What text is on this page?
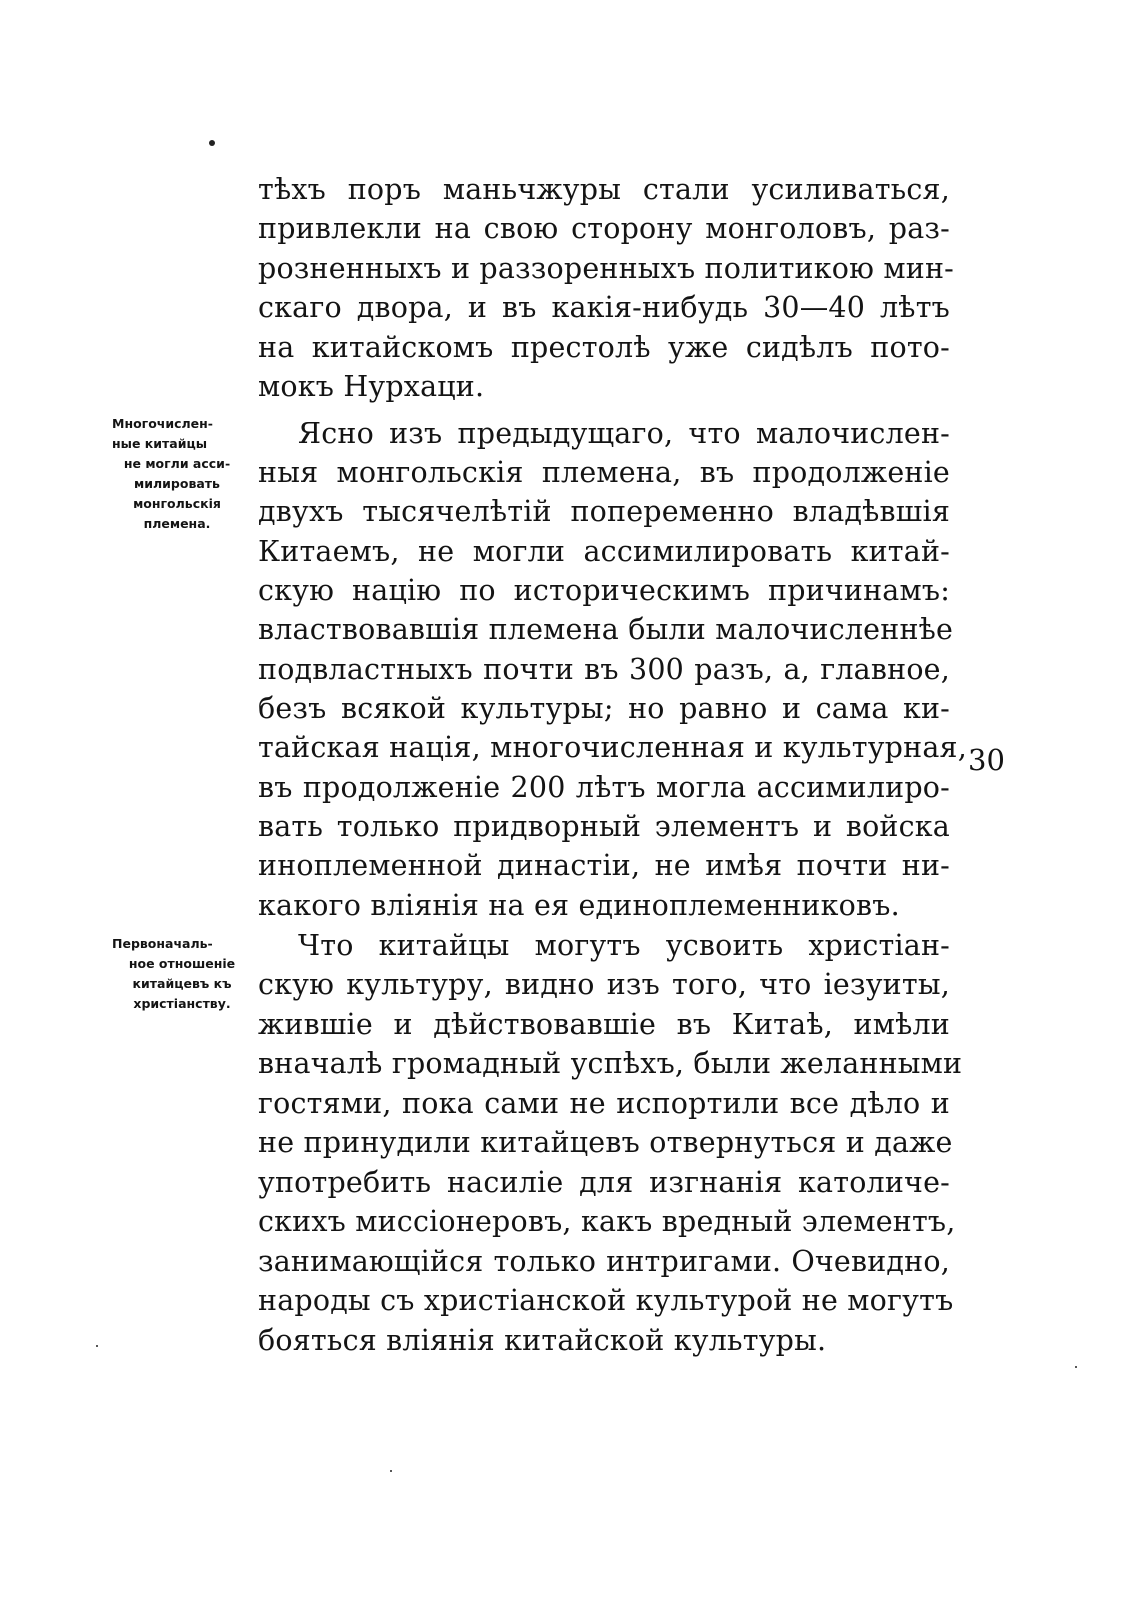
тѣхъ поръ маньчжуры стали усиливаться,
привлекли на свою сторону монголовъ, раз-
розненныхъ и раззоренныхъ политикою мин-
скаго двора, и въ какія-нибудь 30—40 лѣтъ
на китайскомъ престолѣ уже сидѣлъ пото-
мокъ Нурхаци.
Ясно изъ предыдущаго, что малочислен-
ныя монгольскія племена, въ продолженіе
двухъ тысячелѣтій попеременно владѣвшія
Китаемъ, не могли ассимилировать китай-
скую націю по историческимъ причинамъ:
властвовавшія племена были малочисленнѣе
подвластныхъ почти въ 300 разъ, а, главное,
безъ всякой культуры; но равно и сама ки-
тайская нація, многочисленная и культурная,
въ продолженіе 200 лѣтъ могла ассимилиро-
вать только придворный элементъ и войска
иноплеменной династіи, не имѣя почти ни-
какого вліянія на ея единоплеменниковъ.
Что китайцы могутъ усвоить христіан-
скую культуру, видно изъ того, что іезуиты,
жившіе и дѣйствовавшіе въ Китаѣ, имѣли
вначалѣ громадный успѣхъ, были желанными
гостями, пока сами не испортили все дѣло и
не принудили китайцевъ отвернуться и даже
употребить насиліе для изгнанія католиче-
скихъ миссіонеровъ, какъ вредный элементъ,
занимающійся только интригами. Очевидно,
народы съ христіанской культурой не могутъ
бояться вліянія китайской культуры.
Многочислен-
ные китайцы
не могли асси-
милировать
монгольскія
племена.
Первоначаль-
ное отношеніе
китайцевъ къ
христіанству.
30
